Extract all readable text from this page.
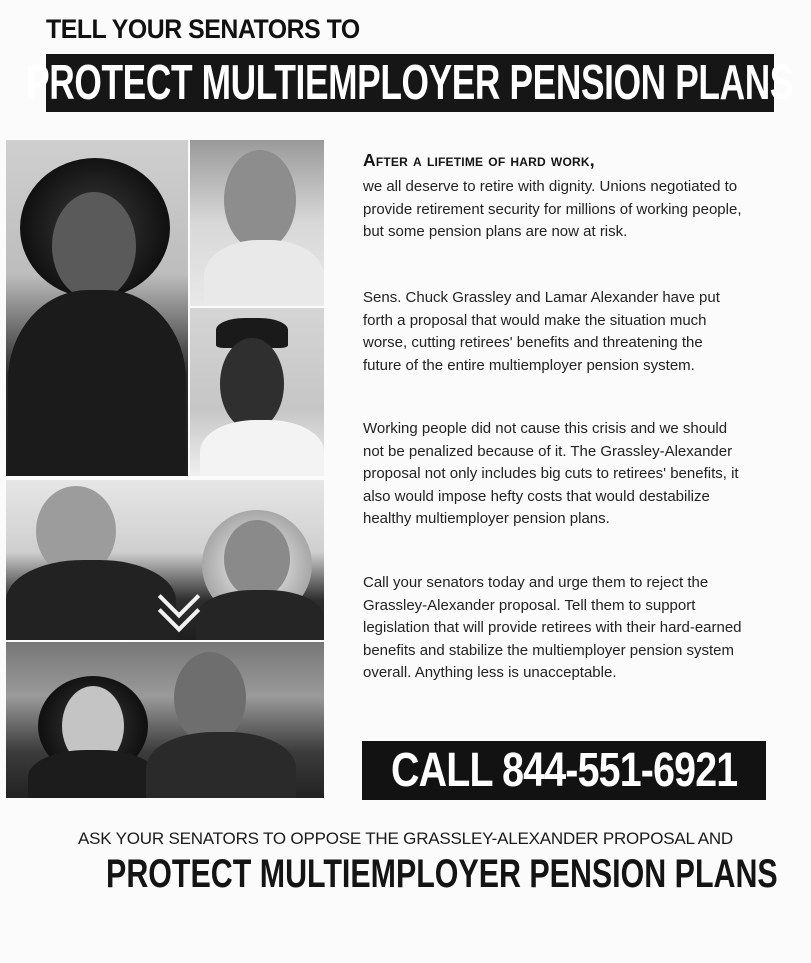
TELL YOUR SENATORS TO
PROTECT MULTIEMPLOYER PENSION PLANS
After a lifetime of hard work,
we all deserve to retire with dignity. Unions negotiated to provide retirement security for millions of working people, but some pension plans are now at risk.
Sens. Chuck Grassley and Lamar Alexander have put forth a proposal that would make the situation much worse, cutting retirees' benefits and threatening the future of the entire multiemployer pension system.
Working people did not cause this crisis and we should not be penalized because of it. The Grassley-Alexander proposal not only includes big cuts to retirees' benefits, it also would impose hefty costs that would destabilize healthy multiemployer pension plans.
Call your senators today and urge them to reject the Grassley-Alexander proposal. Tell them to support legislation that will provide retirees with their hard-earned benefits and stabilize the multiemployer pension system overall. Anything less is unacceptable.
CALL 844-551-6921
ASK YOUR SENATORS TO OPPOSE THE GRASSLEY-ALEXANDER PROPOSAL AND
PROTECT MULTIEMPLOYER PENSION PLANS
